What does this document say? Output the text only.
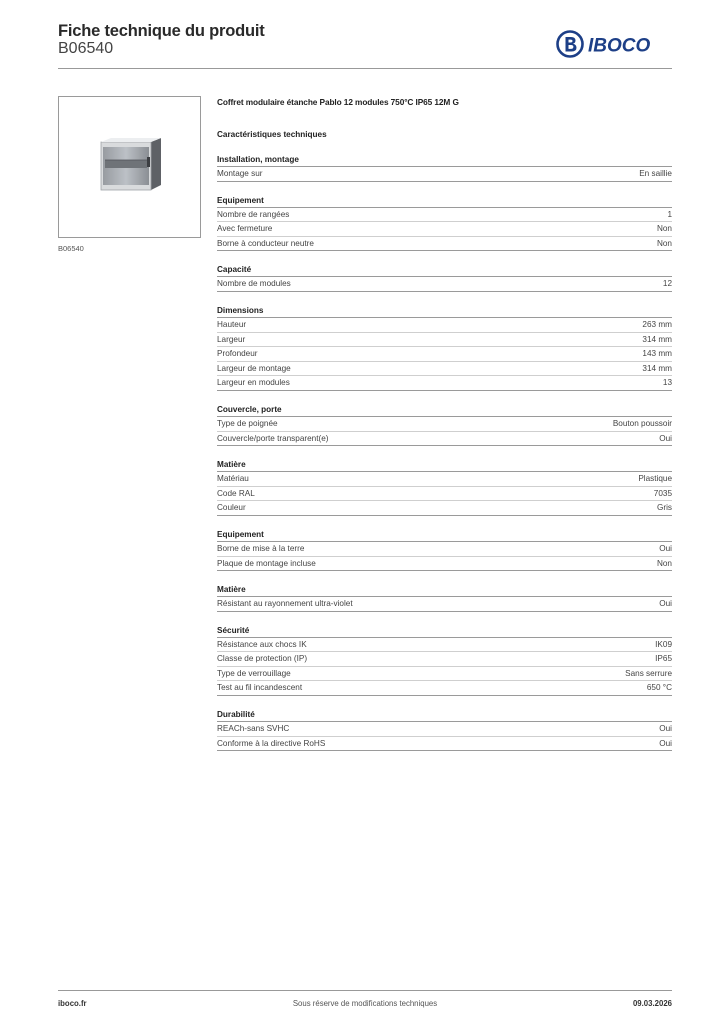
Fiche technique du produit
B06540	IBOCO
B06540
Coffret modulaire étanche Pablo 12 modules 750°C IP65 12M G
Caractéristiques techniques
Installation, montage
Montage sur	En saillie
Equipement
Nombre de rangées	1
Avec fermeture	Non
Borne à conducteur neutre	Non
Capacité
Nombre de modules	12
Dimensions
Hauteur	263 mm
Largeur	314 mm
Profondeur	143 mm
Largeur de montage	314 mm
Largeur en modules	13
Couvercle, porte
Type de poignée	Bouton poussoir
Couvercle/porte transparent(e)	Oui
Matière
Matériau	Plastique
Code RAL	7035
Couleur	Gris
Equipement
Borne de mise à la terre	Oui
Plaque de montage incluse	Non
Matière
Résistant au rayonnement ultra-violet	Oui
Sécurité
Résistance aux chocs IK	IK09
Classe de protection (IP)	IP65
Type de verrouillage	Sans serrure
Test au fil incandescent	650 °C
Durabilité
REACh-sans SVHC	Oui
Conforme à la directive RoHS	Oui
iboco.fr	Sous réserve de modifications techniques	09.03.2026
